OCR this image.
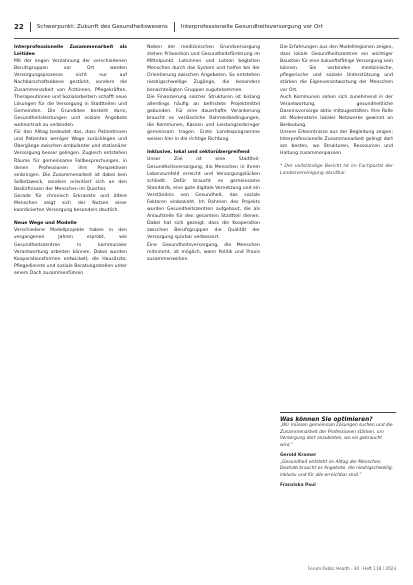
22 Schwerpunkt: Zukunft des Gesundheitswesens Interprofessionelle Gesundheitsversorgung vor Ort

Interprofessionelle Zusammenarbeit als Leitidee

Mit der engen Verzahnung der verschiedenen Berufsgruppen vor Ort werden Versorgungsprozesse nicht nur auf Nachbarschaftsebene gestärkt, sondern die Zusammenarbeit von Ärztinnen, Pflegekräften, Therapeutinnen und Sozialarbeitern schafft neue Lösungen für die Versorgung in Stadtteilen und Gemeinden. Die Grundidee besteht darin, Gesundheitsleistungen und soziale Angebote wohnortnah zu verbinden.

Für den Alltag bedeutet das, dass Patientinnen und Patienten weniger Wege zurücklegen und Übergänge zwischen ambulanter und stationärer Versorgung besser gelingen. Zugleich entstehen Räume für gemeinsame Fallbesprechungen, in denen Professionen ihre Perspektiven einbringen. Die Zusammenarbeit ist dabei kein Selbstzweck, sondern orientiert sich an den Bedürfnissen der Menschen im Quartier.

Gerade für chronisch Erkrankte und ältere Menschen zeigt sich der Nutzen einer koordinierten Versorgung besonders deutlich.

Neue Wege und Modelle

Verschiedene Modellprojekte haben in den vergangenen Jahren erprobt, wie Gesundheitszentren in kommunaler Verantwortung arbeiten können. Dabei wurden Kooperationsformen entwickelt, die Hausärzte, Pflegedienste und soziale Beratungsstellen unter einem Dach zusammenführen.

Neben der medizinischen Grundversorgung stehen Prävention und Gesundheitsförderung im Mittelpunkt. Lotsinnen und Lotsen begleiten Menschen durch das System und helfen bei der Orientierung zwischen Angeboten. So entstehen niedrigschwellige Zugänge, die besonders benachteiligten Gruppen zugutekommen.

Die Finanzierung solcher Strukturen ist bislang allerdings häufig an befristete Projektmittel gebunden. Für eine dauerhafte Verankerung braucht es verlässliche Rahmenbedingungen, die Kommunen, Kassen und Leistungserbringer gemeinsam tragen. Erste Landesprogramme weisen hier in die richtige Richtung.

Inklusive, lokal und sektorübergreifend

Unser Ziel ist eine Stadtteil-Gesundheitsversorgung, die Menschen in ihrem Lebensumfeld erreicht und Versorgungslücken schließt. Dafür braucht es gemeinsame Standards, eine gute digitale Vernetzung und ein Verständnis von Gesundheit, das soziale Faktoren einbezieht. Im Rahmen des Projekts wurden Gesundheitszentren aufgebaut, die als Anlaufstelle für den gesamten Stadtteil dienen. Dabei hat sich gezeigt, dass die Kooperation zwischen Berufsgruppen die Qualität der Versorgung spürbar verbessert.

Eine Gesundheitsversorgung, die Menschen mitnimmt, ist möglich, wenn Politik und Praxis zusammenwirken.

Die Erfahrungen aus den Modellregionen zeigen, dass lokale Gesundheitszentren ein wichtiger Baustein für eine zukunftsfähige Versorgung sein können. Sie verbinden medizinische, pflegerische und soziale Unterstützung und stärken die Eigenverantwortung der Menschen vor Ort.

Auch Kommunen sehen sich zunehmend in der Verantwortung, gesundheitliche Daseinsvorsorge aktiv mitzugestalten. Ihre Rolle als Moderatorin lokaler Netzwerke gewinnt an Bedeutung.

Unsere Erkenntnisse aus der Begleitung zeigen: Interprofessionelle Zusammenarbeit gelingt dort am besten, wo Strukturen, Ressourcen und Haltung zusammenpassen.

* Der vollständige Bericht ist im Fachportal der Landesvereinigung abrufbar.

Was können Sie optimieren?

„Wir müssen gemeinsam Lösungen suchen und die Zusammenarbeit der Professionen stärken, um Versorgung dort anzubieten, wo sie gebraucht wird.“

Gerold Kramer

„Gesundheit entsteht im Alltag der Menschen. Deshalb braucht es Angebote, die niedrigschwellig, inklusiv und für alle erreichbar sind.“

Franziska Paul

Forum Public Health · 30 · Heft 118 / 2023
